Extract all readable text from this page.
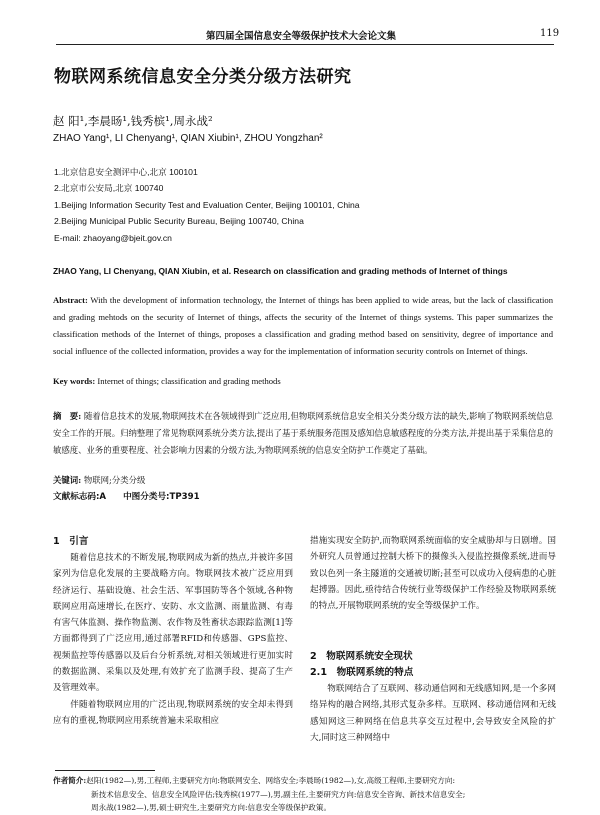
第四届全国信息安全等级保护技术大会论文集	119
物联网系统信息安全分类分级方法研究
赵 阳¹,李晨旸¹,钱秀槟¹,周永战²
ZHAO Yang¹, LI Chenyang¹, QIAN Xiubin¹, ZHOU Yongzhan²
1.北京信息安全测评中心,北京 100101
2.北京市公安局,北京 100740
1.Beijing Information Security Test and Evaluation Center, Beijing 100101, China
2.Beijing Municipal Public Security Bureau, Beijing 100740, China
E-mail: zhaoyang@bjeit.gov.cn
ZHAO Yang, LI Chenyang, QIAN Xiubin, et al. Research on classification and grading methods of Internet of things
Abstract: With the development of information technology, the Internet of things has been applied to wide areas, but the lack of classification and grading mehtods on the security of Internet of things, affects the security of the Internet of things systems. This paper summarizes the classification methods of the Internet of things, proposes a classification and grading method based on sensitivity, degree of importance and social influence of the collected information, provides a way for the implementation of information security controls on Internet of things.
Key words: Internet of things; classification and grading methods
摘　要: 随着信息技术的发展,物联网技术在各领域得到广泛应用,但物联网系统信息安全相关分类分级方法的缺失,影响了物联网系统信息安全工作的开展。归纳整理了常见物联网系统分类方法,提出了基于系统服务范围及感知信息敏感程度的分类方法,并提出基于采集信息的敏感度、业务的重要程度、社会影响力因素的分级方法,为物联网系统的信息安全防护工作奠定了基础。
关键词: 物联网;分类分级
文献标志码:A 中图分类号:TP391
1　引言

随着信息技术的不断发展,物联网成为新的热点,并被许多国家列为信息化发展的主要战略方向。物联网技术被广泛应用到经济运行、基础设施、社会生活、军事国防等各个领域,各种物联网应用高速增长,在医疗、安防、水文监测、雨量监测、有毒有害气体监测、操作物监测、农作物及牲畜状态跟踪监测[1]等方面都得到了广泛应用,通过部署RFID和传感器、GPS监控、视频监控等传感器以及后台分析系统,对相关领域进行更加实时的数据监测、采集以及处理,有效扩充了监测手段、提高了生产及管理效率。

伴随着物联网应用的广泛出现,物联网系统的安全却未得到应有的重视,物联网应用系统普遍未采取相应

措施实现安全防护,而物联网系统面临的安全威胁却与日剧增。国外研究人员曾通过控制大桥下的摄像头入侵监控摄像系统,进而导致以色列一条主隧道的交通被切断;甚至可以成功入侵病患的心脏起搏器。因此,亟待结合传统行业等级保护工作经验及物联网系统的特点,开展物联网系统的安全等级保护工作。

2　物联网系统安全现状
2.1　物联网系统的特点

物联网结合了互联网、移动通信网和无线感知网,是一个多网络异构的融合网络,其形式复杂多样。互联网、移动通信网和无线感知网这三种网络在信息共享交互过程中,会导致安全风险的扩大,同时这三种网络中

作者简介:赵阳(1982—),男,工程师,主要研究方向:物联网安全、网络安全;李晨旸(1982—),女,高级工程师,主要研究方向:
新技术信息安全、信息安全风险评估;钱秀槟(1977—),男,副主任,主要研究方向:信息安全咨询、新技术信息安全;
周永战(1982—),男,硕士研究生,主要研究方向:信息安全等级保护政策。
